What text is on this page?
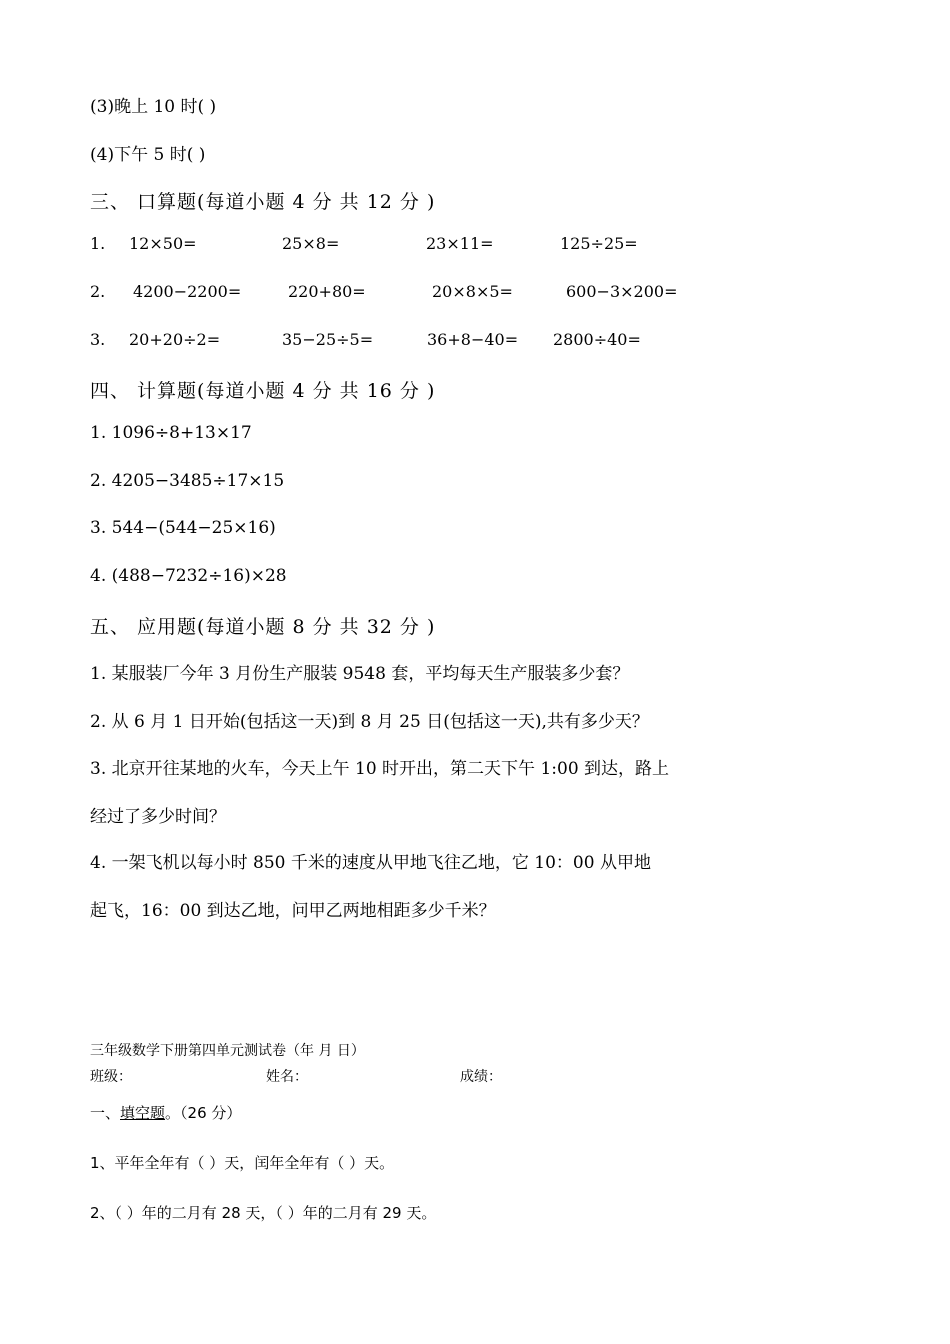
(3)晚上 10 时( )
(4)下午 5 时( )
三、 口算题(每道小题 4 分 共 12 分 )
1. 12×50=	25×8=	23×11=	125÷25=
2. 4200−2200=	220+80=	20×8×5=	600−3×200=
3. 20+20÷2=	35−25÷5=	36+8−40= 2800÷40=
四、 计算题(每道小题 4 分 共 16 分 )
1. 1096÷8+13×17
2. 4205−3485÷17×15
3. 544−(544−25×16)
4. (488−7232÷16)×28
五、 应用题(每道小题 8 分 共 32 分 )
1. 某服装厂今年 3 月份生产服装 9548 套，平均每天生产服装多少套？
2. 从 6 月 1 日开始(包括这一天)到 8 月 25 日(包括这一天),共有多少天？
3. 北京开往某地的火车，今天上午 10 时开出，第二天下午 1:00 到达，路上
经过了多少时间？
4. 一架飞机以每小时 850 千米的速度从甲地飞往乙地，它 10：00 从甲地
起飞，16：00 到达乙地，问甲乙两地相距多少千米？
三年级数学下册第四单元测试卷（年 月 日）
班级：	姓名：	成绩：
一、填空题。（26 分）
1、平年全年有（ ）天，闰年全年有（ ）天。
2、（ ）年的二月有 28 天，（ ）年的二月有 29 天。
